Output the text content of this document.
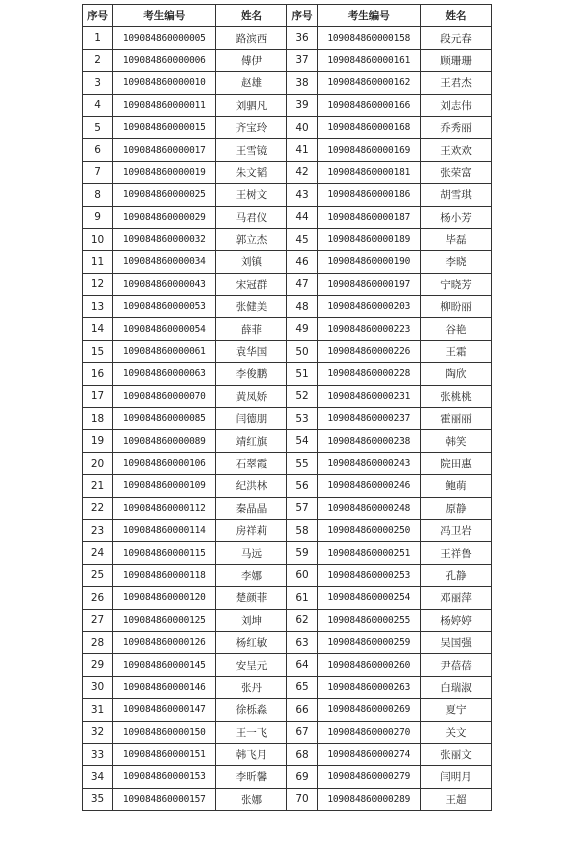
序号	考生编号	姓名	序号	考生编号	姓名
1	109084860000005	路滨西	36	109084860000158	段元春
2	109084860000006	傅伊	37	109084860000161	顾珊珊
3	109084860000010	赵雄	38	109084860000162	王君杰
4	109084860000011	刘驷凡	39	109084860000166	刘志伟
5	109084860000015	齐宝玲	40	109084860000168	乔秀丽
6	109084860000017	王雪镜	41	109084860000169	王欢欢
7	109084860000019	朱文韬	42	109084860000181	张荣富
8	109084860000025	王树文	43	109084860000186	胡雪琪
9	109084860000029	马君仪	44	109084860000187	杨小芳
10	109084860000032	郭立杰	45	109084860000189	毕磊
11	109084860000034	刘镇	46	109084860000190	李晓
12	109084860000043	宋冠群	47	109084860000197	宁晓芳
13	109084860000053	张健美	48	109084860000203	柳盼丽
14	109084860000054	薛菲	49	109084860000223	谷艳
15	109084860000061	袁华国	50	109084860000226	王霜
16	109084860000063	李俊鹏	51	109084860000228	陶欣
17	109084860000070	黄凤娇	52	109084860000231	张桃桃
18	109084860000085	闫德朋	53	109084860000237	霍丽丽
19	109084860000089	靖红旗	54	109084860000238	韩笑
20	109084860000106	石翠霞	55	109084860000243	院田惠
21	109084860000109	纪洪林	56	109084860000246	鲍萌
22	109084860000112	秦晶晶	57	109084860000248	原静
23	109084860000114	房祥莉	58	109084860000250	冯卫岩
24	109084860000115	马远	59	109084860000251	王祥鲁
25	109084860000118	李娜	60	109084860000253	孔静
26	109084860000120	楚颜菲	61	109084860000254	邓丽萍
27	109084860000125	刘坤	62	109084860000255	杨婷婷
28	109084860000126	杨红敏	63	109084860000259	吴国强
29	109084860000145	安呈元	64	109084860000260	尹蓓蓓
30	109084860000146	张丹	65	109084860000263	白瑞淑
31	109084860000147	徐栎淼	66	109084860000269	夏宁
32	109084860000150	王一飞	67	109084860000270	关文
33	109084860000151	韩飞月	68	109084860000274	张丽文
34	109084860000153	李昕馨	69	109084860000279	闫明月
35	109084860000157	张娜	70	109084860000289	王超
